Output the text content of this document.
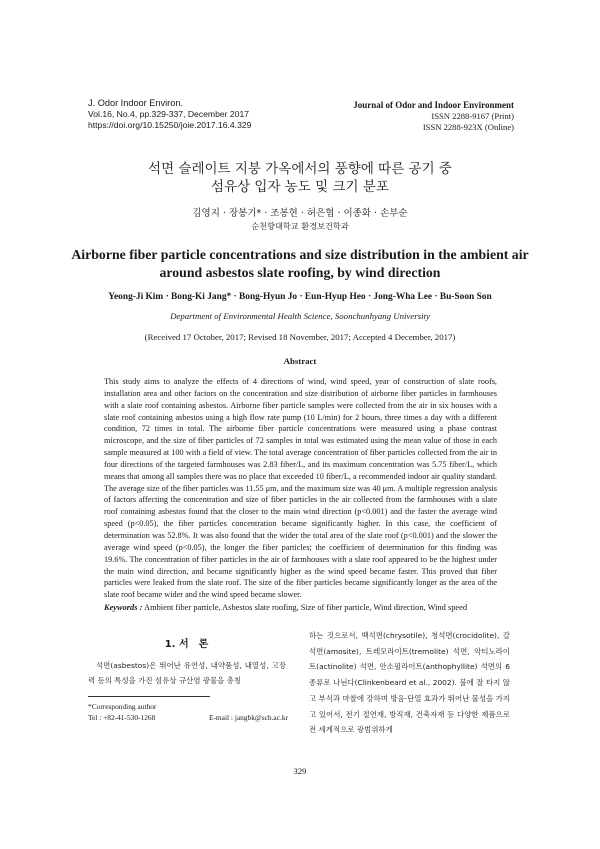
J. Odor Indoor Environ.
Vol.16, No.4, pp.329-337, December 2017
https://doi.org/10.15250/joie.2017.16.4.329
Journal of Odor and Indoor Environment
ISSN 2288-9167 (Print)
ISSN 2288-923X (Online)
석면 슬레이트 지붕 가옥에서의 풍향에 따른 공기 중
섬유상 입자 농도 및 크기 분포
김영지 · 장봉기* · 조봉현 · 허은협 · 이종화 · 손부순
순천향대학교 환경보건학과
Airborne fiber particle concentrations and size distribution in the ambient air around asbestos slate roofing, by wind direction
Yeong-Ji Kim · Bong-Ki Jang* · Bong-Hyun Jo · Eun-Hyup Heo · Jong-Wha Lee · Bu-Soon Son
Department of Environmental Health Science, Soonchunhyang University
(Received 17 October, 2017; Revised 18 November, 2017; Accepted 4 December, 2017)
Abstract
This study aims to analyze the effects of 4 directions of wind, wind speed, year of construction of slate roofs, installation area and other factors on the concentration and size distribution of airborne fiber particles in farmhouses with a slate roof containing asbestos. Airborne fiber particle samples were collected from the air in six houses with a slate roof containing asbestos using a high flow rate pump (10 L/min) for 2 hours, three times a day with a different condition, 72 times in total. The airborne fiber particle concentrations were measured using a phase contrast microscope, and the size of fiber particles of 72 samples in total was estimated using the mean value of those in each sample measured at 100 with a field of view. The total average concentration of fiber particles collected from the air in four directions of the targeted farmhouses was 2.83 fiber/L, and its maximum concentration was 5.75 fiber/L, which means that among all samples there was no place that exceeded 10 fiber/L, a recommended indoor air quality standard. The average size of the fiber particles was 11.55 μm, and the maximum size was 40 μm. A multiple regression analysis of factors affecting the concentration and size of fiber particles in the air collected from the farmhouses with a slate roof containing asbestos found that the closer to the main wind direction (p<0.001) and the faster the average wind speed (p<0.05), the fiber particles concentration became significantly higher. In this case, the coefficient of determination was 52.8%. It was also found that the wider the total area of the slate roof (p<0.001) and the slower the average wind speed (p<0.05), the longer the fiber particles; the coefficient of determination for this finding was 19.6%. The concentration of fiber particles in the air of farmhouses with a slate roof appeared to be the highest under the main wind direction, and became significantly higher as the wind speed became faster. This proved that fiber particles were leaked from the slate roof. The size of the fiber particles became significantly longer as the area of the slate roof became wider and the wind speed became slower.
Keywords : Ambient fiber particle, Asbestos slate roofing, Size of fiber particle, Wind direction, Wind speed
1. 서　론
석면(asbestos)은 뛰어난 유연성, 내약품성, 내열성, 고장력 등의 특성을 가진 섬유상 규산염 광물을 총칭
*Corresponding author
Tel : +82-41-530-1268	E-mail : jangbk@sch.ac.kr
하는 것으로서, 백석면(chrysotile), 청석면(crocidolite), 갈석면(amosite), 트레모라이트(tremolite) 석면, 악티노라이트(actinolite) 석면, 안소필라이트(anthophyllite) 석면의 6종류로 나뉜다(Clinkenbeard et al., 2002). 불에 잘 타지 않고 부식과 마찰에 강하며 방음·단열 효과가 뛰어난 물성을 가지고 있어서, 전기 절연재, 방직재, 건축자재 등 다양한 제품으로 전 세계적으로 광범위하게
329
